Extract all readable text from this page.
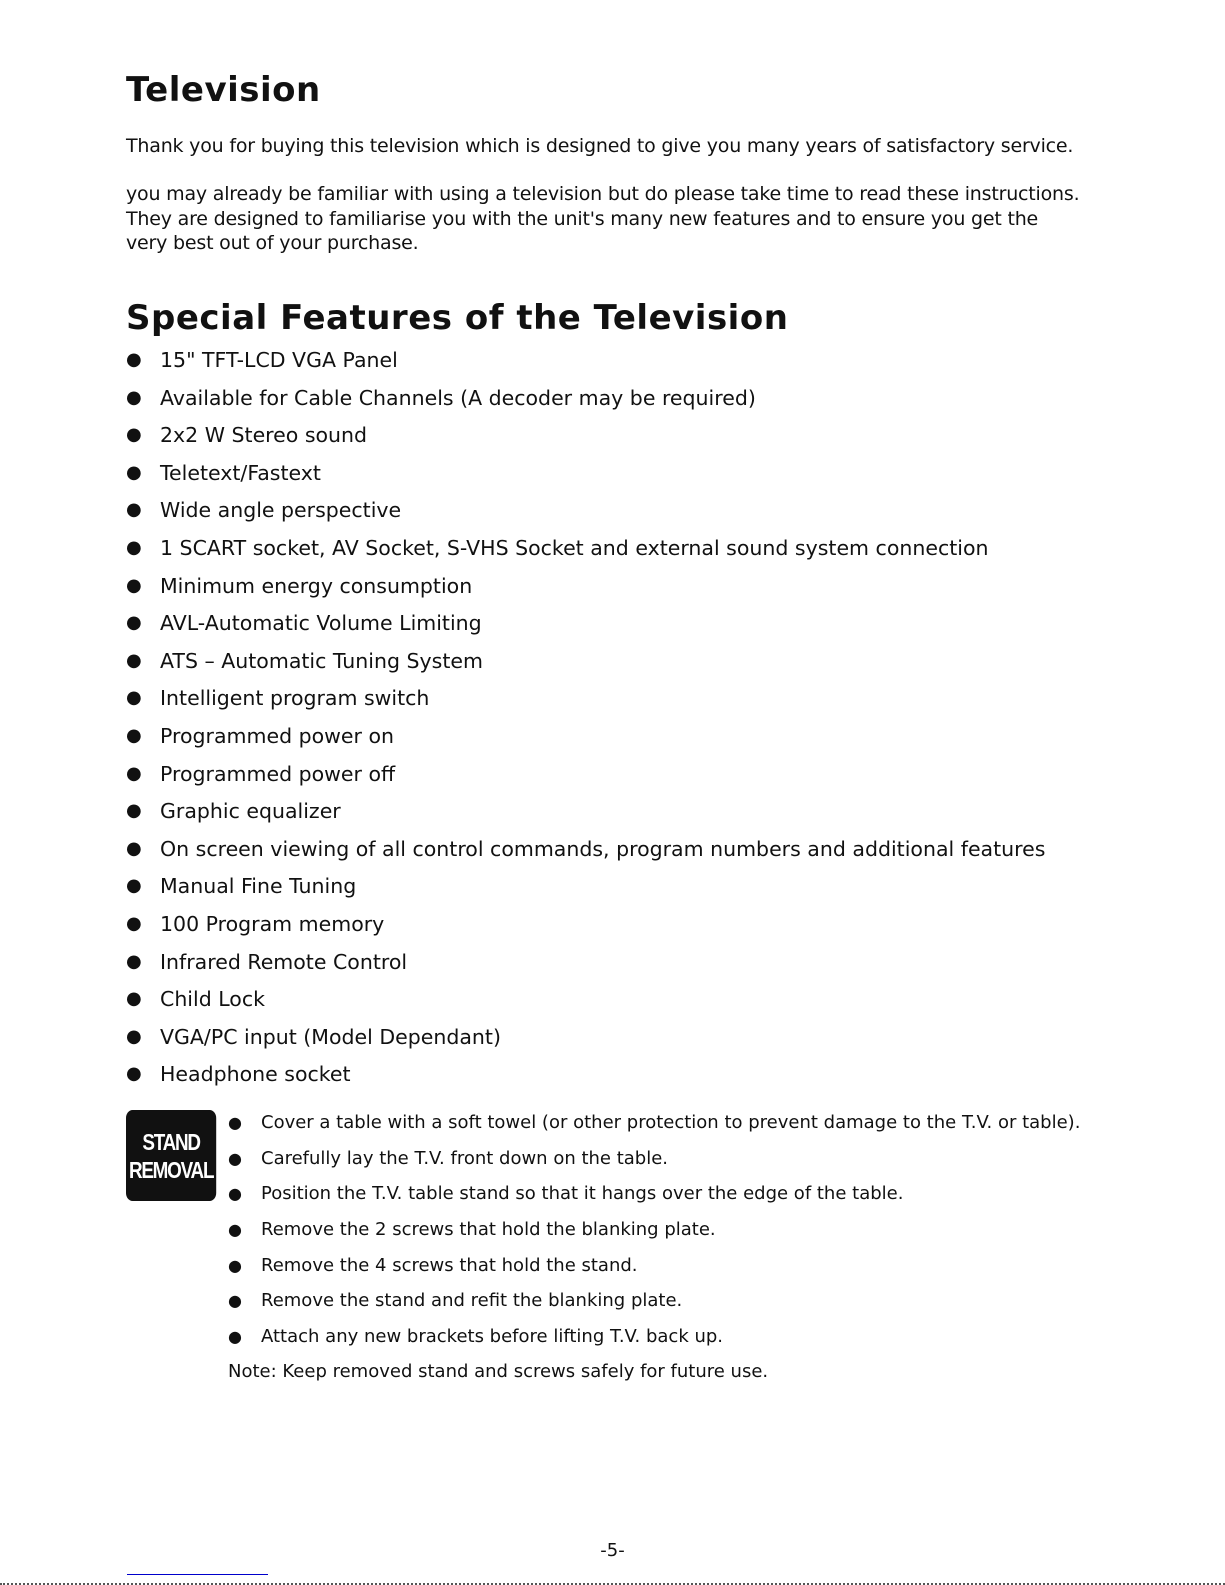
Television
Thank you for buying this television which is designed to give you many years of satisfactory service.
you may already be familiar with using a television but do please take time to read these instructions.
They are designed to familiarise you with the unit's many new features and to ensure you get the
very best out of your purchase.
Special Features of the Television
● 15" TFT-LCD VGA Panel
● Available for Cable Channels (A decoder may be required)
● 2x2 W Stereo sound
● Teletext/Fastext
● Wide angle perspective
● 1 SCART socket, AV Socket, S-VHS Socket and external sound system connection
● Minimum energy consumption
● AVL-Automatic Volume Limiting
● ATS – Automatic Tuning System
● Intelligent program switch
● Programmed power on
● Programmed power off
● Graphic equalizer
● On screen viewing of all control commands, program numbers and additional features
● Manual Fine Tuning
● 100 Program memory
● Infrared Remote Control
● Child Lock
● VGA/PC input (Model Dependant)
● Headphone socket
STAND
REMOVAL
●	Cover a table with a soft towel (or other protection to prevent damage to the T.V. or table).
●	Carefully lay the T.V. front down on the table.
●	Position the T.V. table stand so that it hangs over the edge of the table.
●	Remove the 2 screws that hold the blanking plate.
●	Remove the 4 screws that hold the stand.
●	Remove the stand and refit the blanking plate.
●	Attach any new brackets before lifting T.V. back up.
Note: Keep removed stand and screws safely for future use.
-5-
